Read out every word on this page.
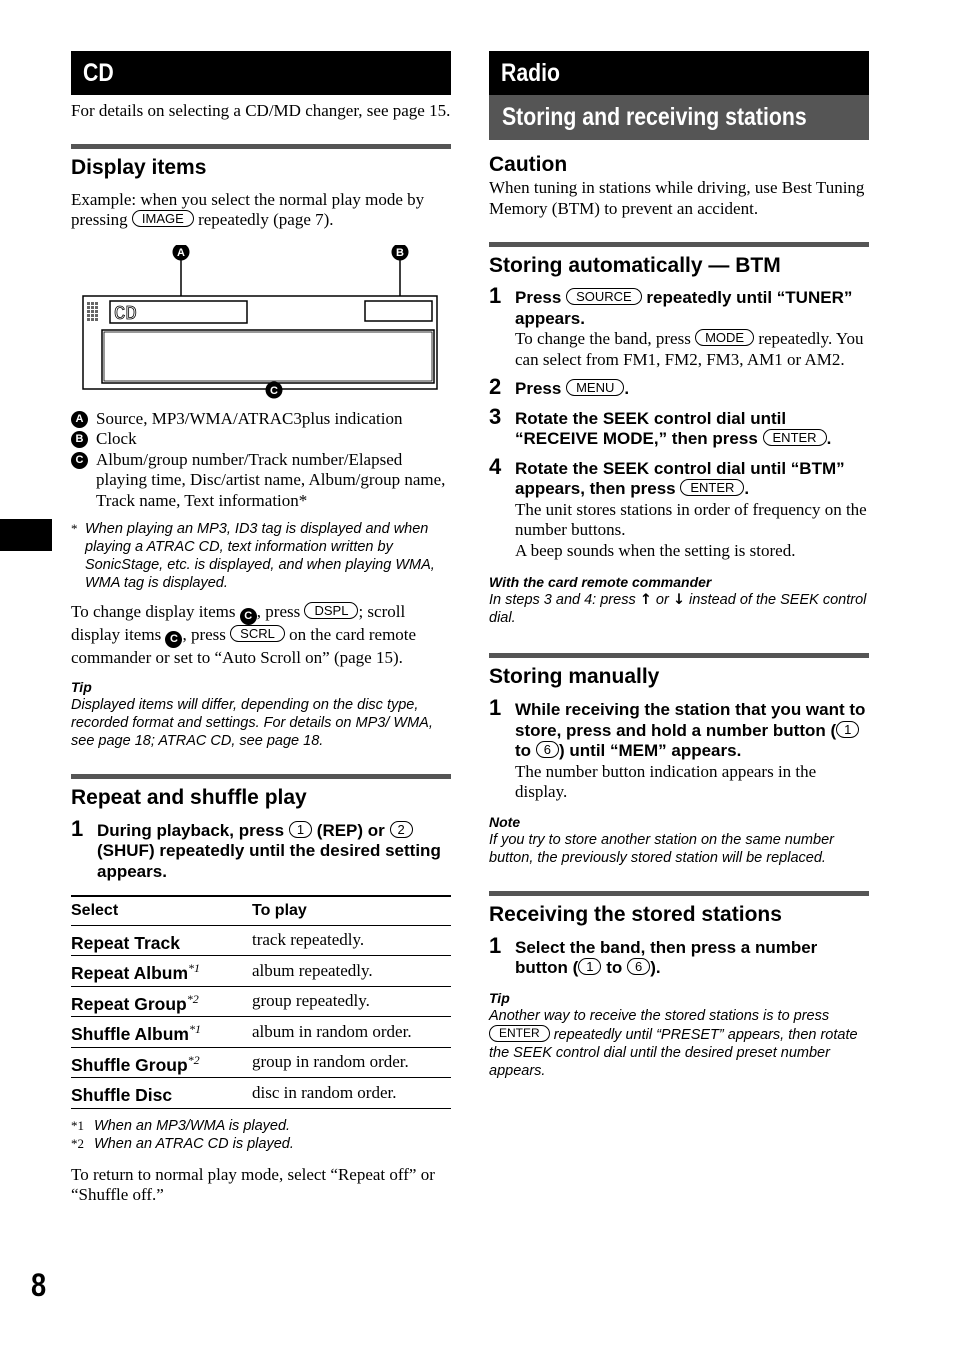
8
CD

For details on selecting a CD/MD changer, see page 15.

Display items

Example: when you select the normal play mode by pressing IMAGE repeatedly (page 7).

CD
A	B
C
A Source, MP3/WMA/ATRAC3plus indication
B Clock
C Album/group number/Track number/Elapsed playing time, Disc/artist name, Album/group name, Track name, Text information*
* When playing an MP3, ID3 tag is displayed and when playing a ATRAC CD, text information written by SonicStage, etc. is displayed, and when playing WMA, WMA tag is displayed.

To change display items C , press DSPL ; scroll display items C , press SCRL on the card remote commander or set to “Auto Scroll on” (page 15).

Tip
Displayed items will differ, depending on the disc type, recorded format and settings. For details on MP3/ WMA, see page 18; ATRAC CD, see page 18.
Repeat and shuffle play
1 During playback, press 1 (REP) or 2 (SHUF) repeatedly until the desired setting appears.
Select	To play
Repeat Track	track repeatedly.
Repeat Album$^{*1}$	album repeatedly.
Repeat Group$^{*2}$	group repeatedly.
Shuffle Album$^{*1}$	album in random order.
Shuffle Group$^{*2}$	group in random order.
Shuffle Disc	disc in random order.
*1 When an MP3/WMA is played.
*2 When an ATRAC CD is played.

To return to normal play mode, select “Repeat off” or “Shuffle off.”

Radio
Storing and receiving stations
Caution

When tuning in stations while driving, use Best Tuning Memory (BTM) to prevent an accident.

Storing automatically — BTM
1 Press SOURCE repeatedly until “TUNER” appears.
To change the band, press MODE repeatedly. You can select from FM1, FM2, FM3, AM1 or AM2.
2 Press MENU .
3 Rotate the SEEK control dial until “RECEIVE MODE,” then press ENTER .
4 Rotate the SEEK control dial until “BTM” appears, then press ENTER .
The unit stores stations in order of frequency on the number buttons.
A beep sounds when the setting is stored.
With the card remote commander
In steps 3 and 4: press ↑ or ↓ instead of the SEEK control dial.
Storing manually
1 While receiving the station that you want to store, press and hold a number button ( 1 to 6 ) until “MEM” appears.
The number button indication appears in the display.
Note
If you try to store another station on the same number button, the previously stored station will be replaced.
Receiving the stored stations
1 Select the band, then press a number button ( 1 to 6 ).
Tip
Another way to receive the stored stations is to press ENTER repeatedly until “PRESET” appears, then rotate the SEEK control dial until the desired preset number appears.
